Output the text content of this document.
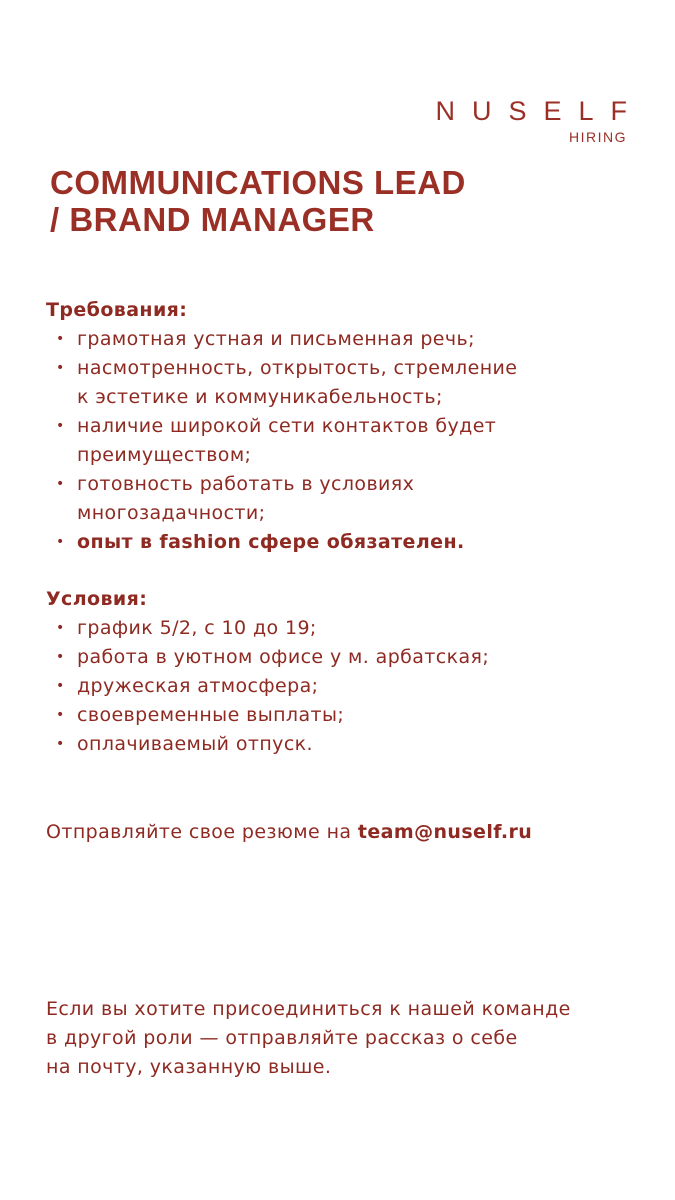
NUSELF
HIRING
COMMUNICATIONS LEAD
/ BRAND MANAGER
Требования:
• грамотная устная и письменная речь;
• насмотренность, открытость, стремление
к эстетике и коммуникабельность;
• наличие широкой сети контактов будет
преимуществом;
• готовность работать в условиях
многозадачности;
• опыт в fashion сфере обязателен.
Условия:
• график 5/2, с 10 до 19;
• работа в уютном офисе у м. арбатская;
• дружеская атмосфера;
• своевременные выплаты;
• оплачиваемый отпуск.
Отправляйте свое резюме на team@nuself.ru
Если вы хотите присоединиться к нашей команде
в другой роли — отправляйте рассказ о себе
на почту, указанную выше.
